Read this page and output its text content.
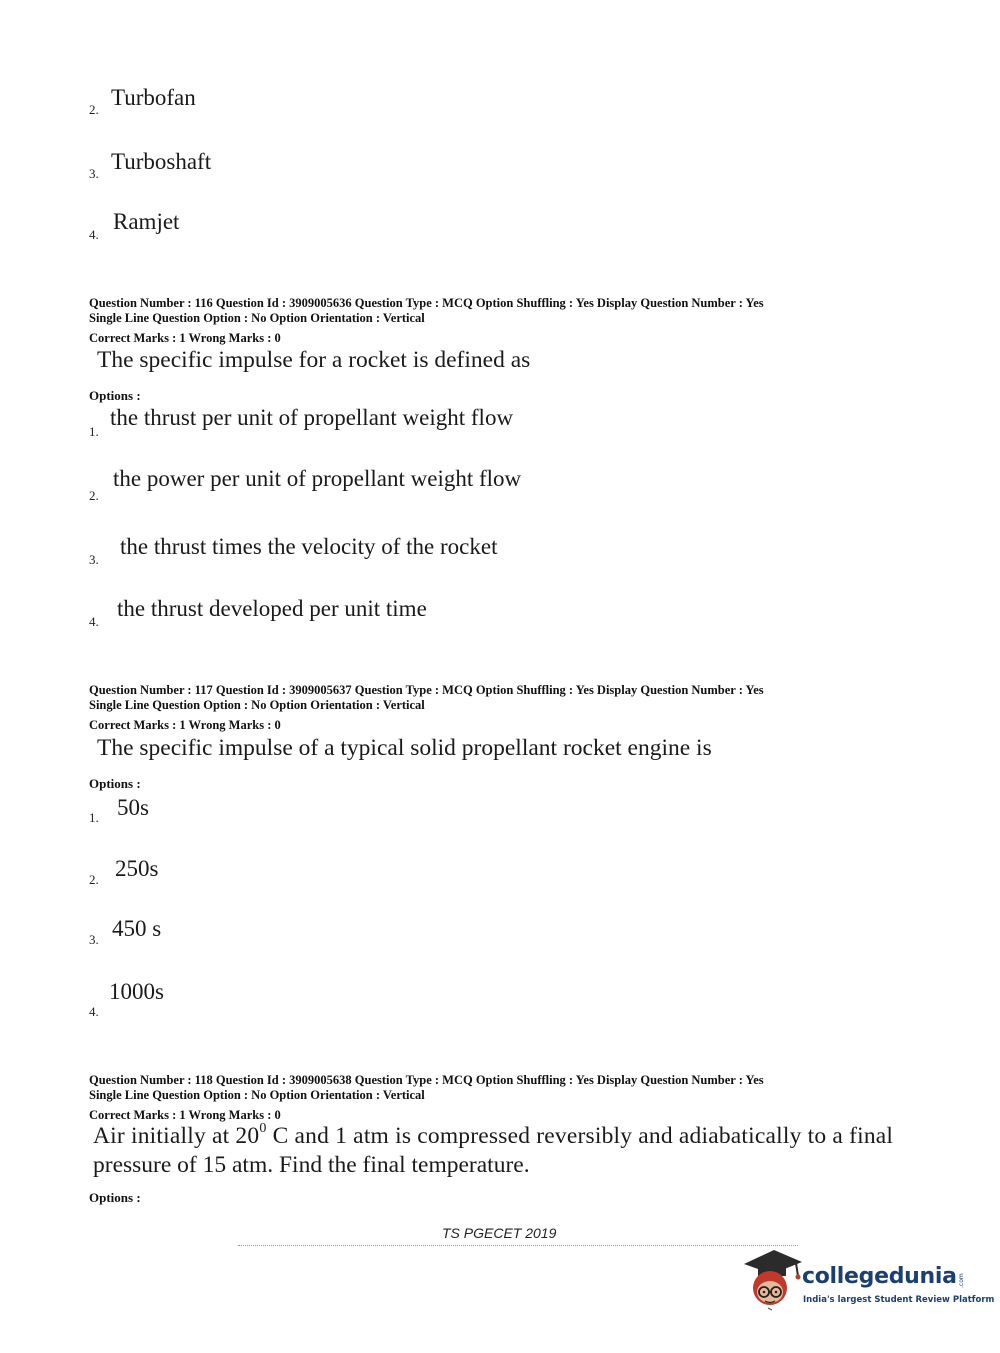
2. Turbofan
3. Turboshaft
4.
Ramjet
Question Number : 116 Question Id : 3909005636 Question Type : MCQ Option Shuffling : Yes Display Question Number : Yes
Single Line Question Option : No Option Orientation : Vertical
Correct Marks : 1 Wrong Marks : 0
The specific impulse for a rocket is defined as
Options :
1.
the thrust per unit of propellant weight flow
2.
the power per unit of propellant weight flow
3.
the thrust times the velocity of the rocket
4.
the thrust developed per unit time
Question Number : 117 Question Id : 3909005637 Question Type : MCQ Option Shuffling : Yes Display Question Number : Yes
Single Line Question Option : No Option Orientation : Vertical
Correct Marks : 1 Wrong Marks : 0
The specific impulse of a typical solid propellant rocket engine is
Options :
1. 50s
2. 250s
3. 450 s
4.
1000s
Question Number : 118 Question Id : 3909005638 Question Type : MCQ Option Shuffling : Yes Display Question Number : Yes
Single Line Question Option : No Option Orientation : Vertical
Correct Marks : 1 Wrong Marks : 0
Air initially at $20^0$ C and 1 atm is compressed reversibly and adiabatically to a final
pressure of 15 atm. Find the final temperature.
Options :
TS PGECET 2019
collegedunia .com
India's largest Student Review Platform
